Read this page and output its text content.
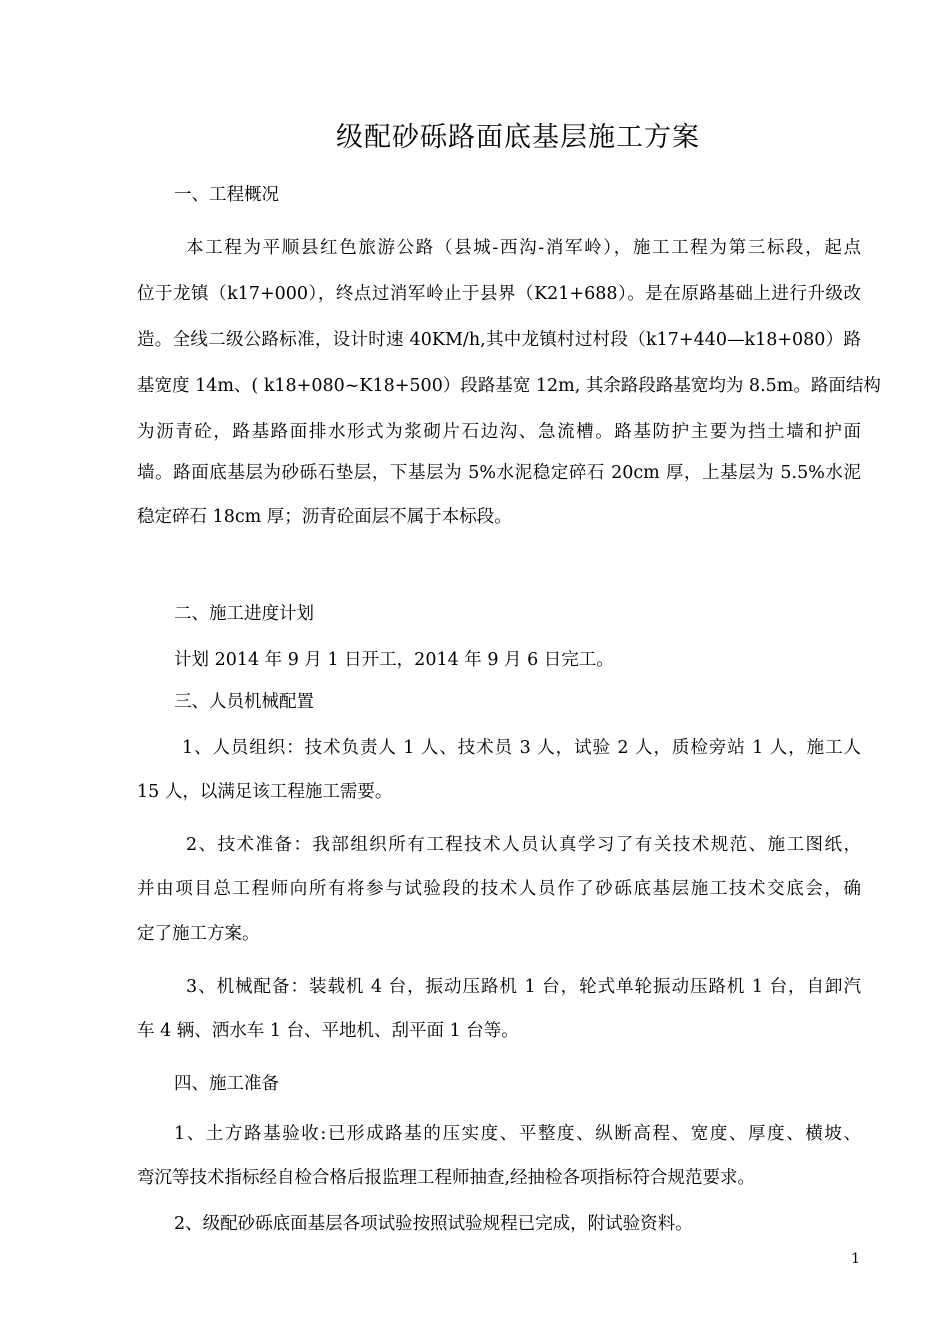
级配砂砾路面底基层施工方案
一、工程概况
本工程为平顺县红色旅游公路（县城-西沟-消军岭），施工工程为第三标段，起点
位于龙镇（k17+000），终点过消军岭止于县界（K21+688）。是在原路基础上进行升级改
造。全线二级公路标准，设计时速 40KM/h,其中龙镇村过村段（k17+440—k18+080）路
基宽度 14m、( k18+080~K18+500）段路基宽 12m, 其余路段路基宽均为 8.5m。路面结构
为沥青砼，路基路面排水形式为浆砌片石边沟、急流槽。路基防护主要为挡土墙和护面
墙。路面底基层为砂砾石垫层，下基层为 5%水泥稳定碎石 20cm 厚，上基层为 5.5%水泥
稳定碎石 18cm 厚；沥青砼面层不属于本标段。
二、施工进度计划
计划 2014 年 9 月 1 日开工，2014 年 9 月 6 日完工。
三、人员机械配置
1、人员组织：技术负责人 1 人、技术员 3 人，试验 2 人，质检旁站 1 人，施工人
15 人，以满足该工程施工需要。
2、技术准备：我部组织所有工程技术人员认真学习了有关技术规范、施工图纸，
并由项目总工程师向所有将参与试验段的技术人员作了砂砾底基层施工技术交底会，确
定了施工方案。
3、机械配备：装载机 4 台，振动压路机 1 台，轮式单轮振动压路机 1 台，自卸汽
车 4 辆、洒水车 1 台、平地机、刮平面 1 台等。
四、施工准备
1、土方路基验收:已形成路基的压实度、平整度、纵断高程、宽度、厚度、横坡、
弯沉等技术指标经自检合格后报监理工程师抽查,经抽检各项指标符合规范要求。
2、级配砂砾底面基层各项试验按照试验规程已完成，附试验资料。
1
